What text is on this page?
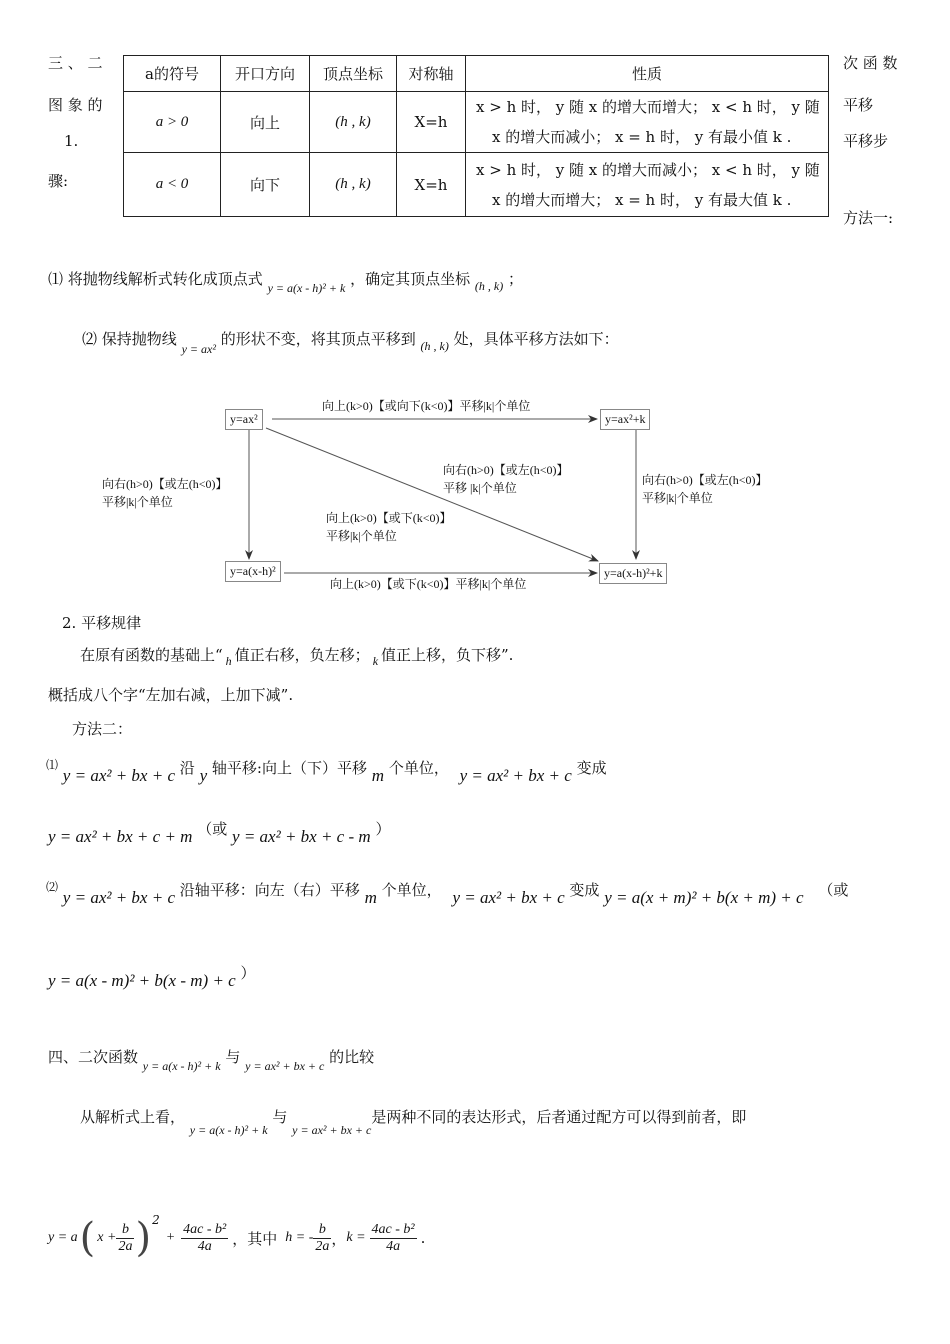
三 、 二
图 象 的
1.
骤:
次 函 数
平移
平移步
方法一:
a的符号	开口方向	顶点坐标	对称轴	性质
a > 0	向上	(h , k)	X=h	x > h 时， y 随 x 的增大而增大； x < h 时， y 随
x 的增大而减小； x = h 时， y 有最小值 k .

a < 0	向下	(h , k)	X=h	x > h 时， y 随 x 的增大而减小； x < h 时， y 随
x 的增大而增大； x = h 时， y 有最大值 k .
⑴ 将抛物线解析式转化成顶点式 $_{y = a(x - h)^2 + k}$ ，确定其顶点坐标 $_{(h , k)}$ ；
⑵ 保持抛物线 $_{y = ax^2}$ 的形状不变，将其顶点平移到 $_{(h , k)}$ 处，具体平移方法如下：
y=ax²	y=ax²+k
y=a(x-h)²	y=a(x-h)²+k
向上(k>0)【或向下(k<0)】平移|k|个单位
向右(h>0)【或左(h<0)】
平移|k|个单位
向右(h>0)【或左(h<0)】
平移 |k|个单位
向上(k>0)【或下(k<0)】
平移|k|个单位
向右(h>0)【或左(h<0)】
平移|k|个单位
向上(k>0)【或下(k<0)】平移|k|个单位
2. 平移规律
在原有函数的基础上“ $_h$ 值正右移，负左移； $_k$ 值正上移，负下移”.
概括成八个字“左加右减，上加下减”.
方法二：
⑴ y = ax² + bx + c 沿 y 轴平移:向上（下）平移 m 个单位， y = ax² + bx + c 变成
y = ax² + bx + c + m （或 y = ax² + bx + c - m ）
⑵ y = ax² + bx + c 沿轴平移：向左（右）平移 m 个单位， y = ax² + bx + c 变成 y = a(x + m)² + b(x + m) + c （或
y = a(x - m)² + b(x - m) + c ）
四、二次函数 $_{y = a(x - h)^2 + k}$ 与 $_{y = ax^2 + bx + c}$ 的比较
从解析式上看， $_{y = a(x - h)^2 + k}$ 与 $_{y = ax^2 + bx + c}$是两种不同的表达形式，后者通过配方可以得到前者，即
y = a ( $x + \frac{b}{2a}$ ) 2
+ $\frac{\text{4ac - b²}}{4a}$ ，其中 h = - $\frac{b}{2a}$ ， $k = \frac{\text{4ac - b²}}{4a}$ .
